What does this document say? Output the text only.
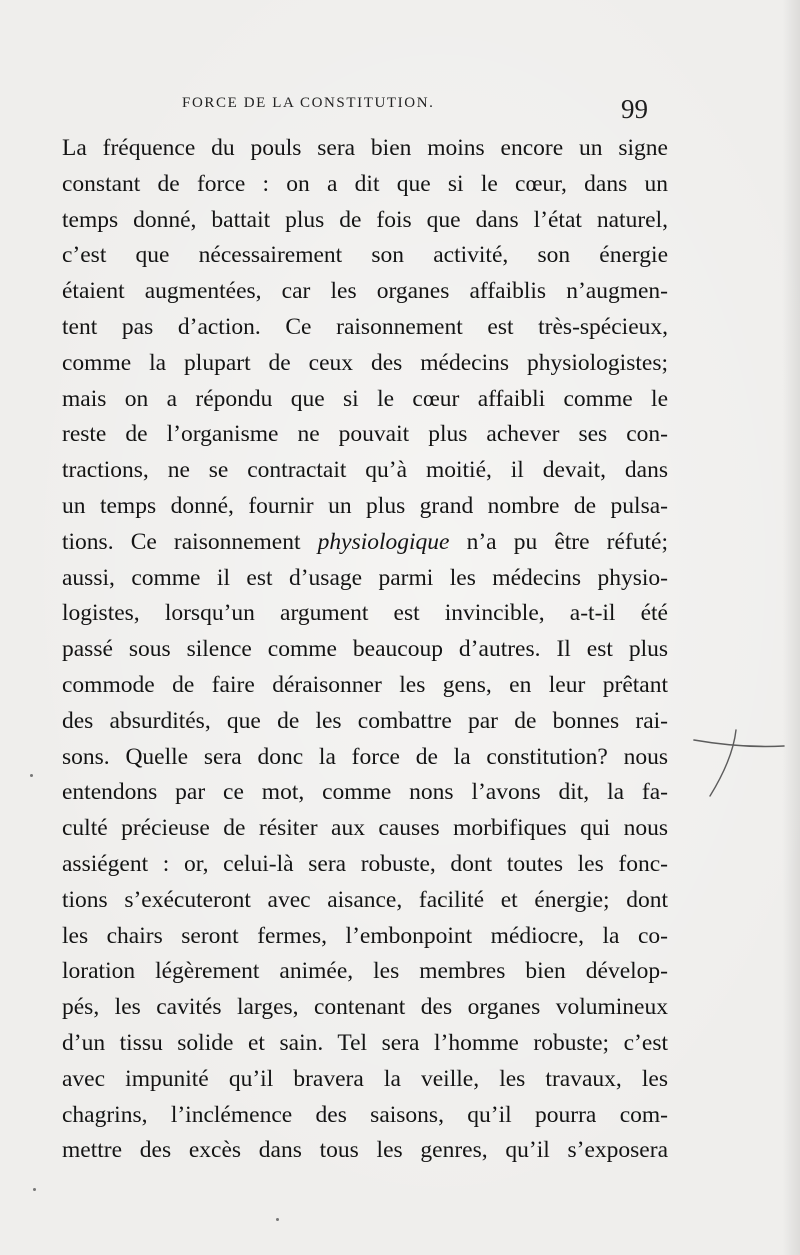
FORCE DE LA CONSTITUTION.	99
La fréquence du pouls sera bien moins encore un signe
constant de force : on a dit que si le cœur, dans un
temps donné, battait plus de fois que dans l’état naturel,
c’est que nécessairement son activité, son énergie
étaient augmentées, car les organes affaiblis n’augmen-
tent pas d’action. Ce raisonnement est très-spécieux,
comme la plupart de ceux des médecins physiologistes;
mais on a répondu que si le cœur affaibli comme le
reste de l’organisme ne pouvait plus achever ses con-
tractions, ne se contractait qu’à moitié, il devait, dans
un temps donné, fournir un plus grand nombre de pulsa-
tions. Ce raisonnement physiologique n’a pu être réfuté;
aussi, comme il est d’usage parmi les médecins physio-
logistes, lorsqu’un argument est invincible, a-t-il été
passé sous silence comme beaucoup d’autres. Il est plus
commode de faire déraisonner les gens, en leur prêtant
des absurdités, que de les combattre par de bonnes rai-
sons. Quelle sera donc la force de la constitution? nous
entendons par ce mot, comme nons l’avons dit, la fa-
culté précieuse de résiter aux causes morbifiques qui nous
assiégent : or, celui-là sera robuste, dont toutes les fonc-
tions s’exécuteront avec aisance, facilité et énergie; dont
les chairs seront fermes, l’embonpoint médiocre, la co-
loration légèrement animée, les membres bien dévelop-
pés, les cavités larges, contenant des organes volumineux
d’un tissu solide et sain. Tel sera l’homme robuste; c’est
avec impunité qu’il bravera la veille, les travaux, les
chagrins, l’inclémence des saisons, qu’il pourra com-
mettre des excès dans tous les genres, qu’il s’exposera
